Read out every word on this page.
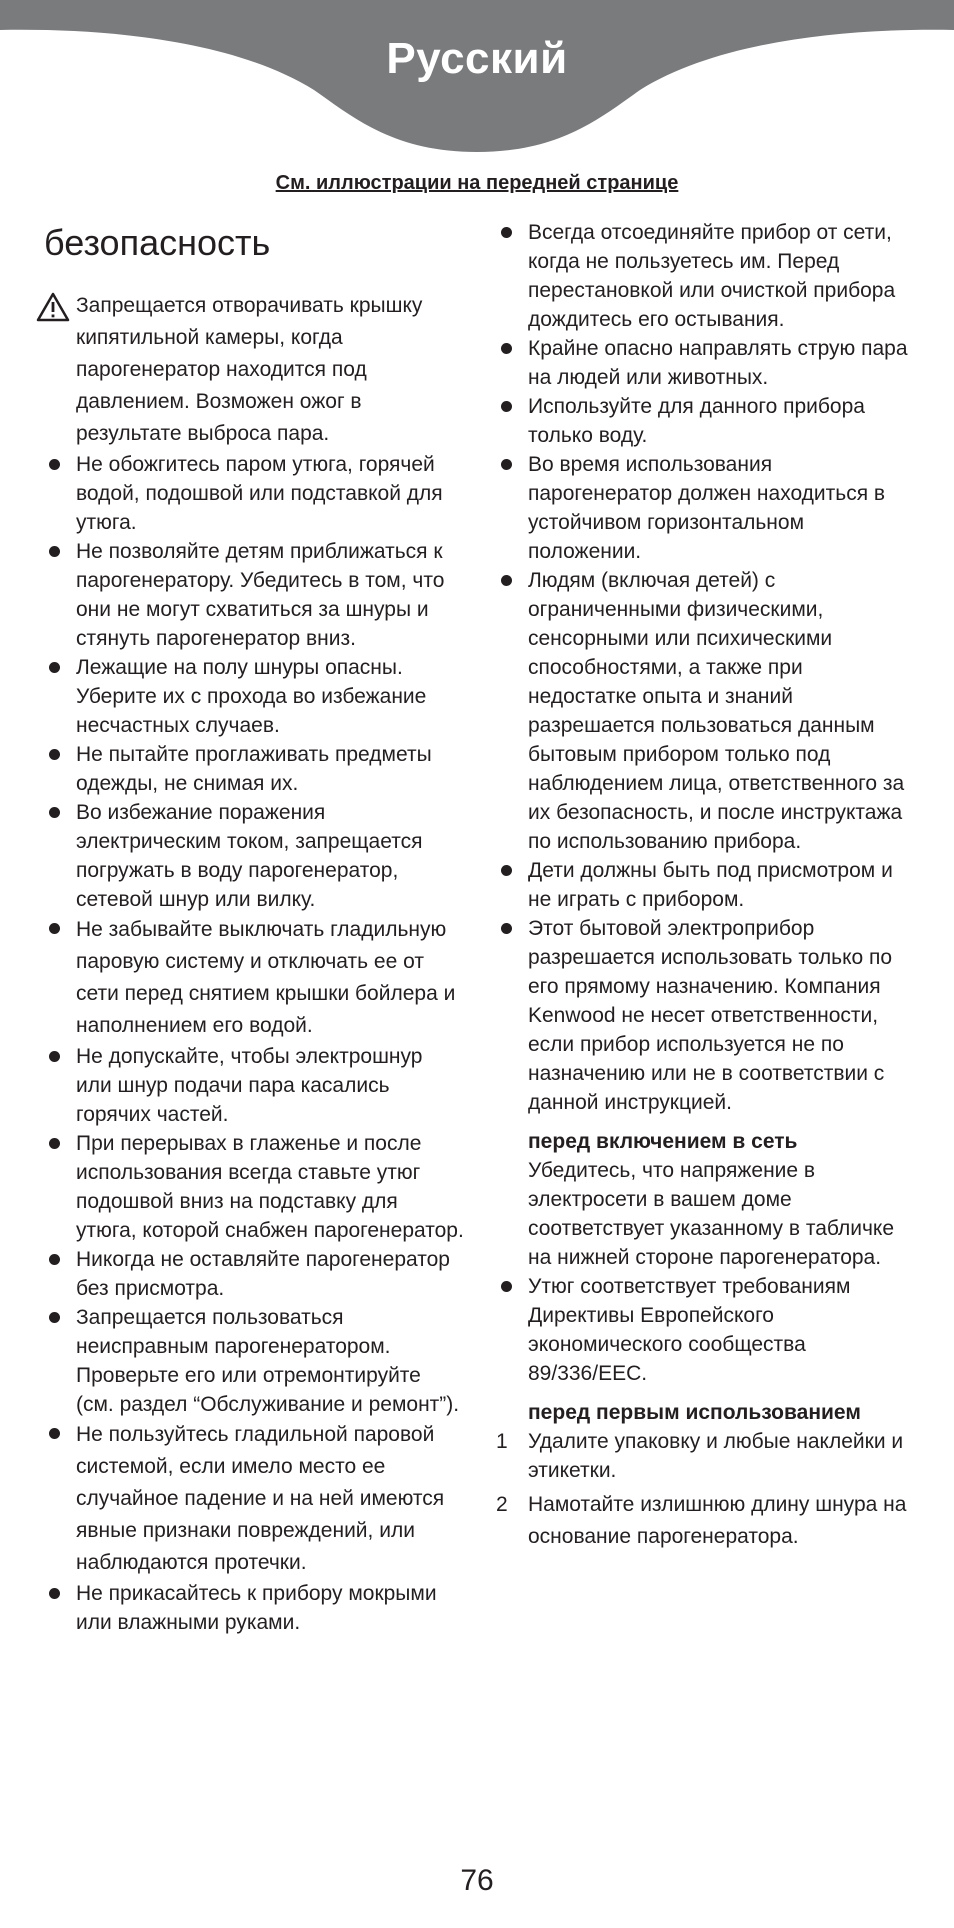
Русский
См. иллюстрации на передней странице
безопасность
Запрещается отворачивать крышку кипятильной камеры, когда парогенератор находится под давлением. Возможен ожог в результате выброса пара.
Не обожгитесь паром утюга, горячей водой, подошвой или подставкой для утюга.
Не позволяйте детям приближаться к парогенератору. Убедитесь в том, что они не могут схватиться за шнуры и стянуть парогенератор вниз.
Лежащие на полу шнуры опасны. Уберите их с прохода во избежание несчастных случаев.
Не пытайте проглаживать предметы одежды, не снимая их.
Во избежание поражения электрическим током, запрещается погружать в воду парогенератор, сетевой шнур или вилку.
Не забывайте выключать гладильную паровую систему и отключать ее от сети перед снятием крышки бойлера и наполнением его водой.
Не допускайте, чтобы электрошнур или шнур подачи пара касались горячих частей.
При перерывах в глаженье и после использования всегда ставьте утюг подошвой вниз на подставку для утюга, которой снабжен парогенератор.
Никогда не оставляйте парогенератор без присмотра.
Запрещается пользоваться неисправным парогенератором. Проверьте его или отремонтируйте (см. раздел “Обслуживание и ремонт”).
Не пользуйтесь гладильной паровой системой, если имело место ее случайное падение и на ней имеются явные признаки повреждений, или наблюдаются протечки.
Не прикасайтесь к прибору мокрыми или влажными руками.
Всегда отсоединяйте прибор от сети, когда не пользуетесь им. Перед перестановкой или очисткой прибора дождитесь его остывания.
Крайне опасно направлять струю пара на людей или животных.
Используйте для данного прибора только воду.
Во время использования парогенератор должен находиться в устойчивом горизонтальном положении.
Людям (включая детей) с ограниченными физическими, сенсорными или психическими способностями, а также при недостатке опыта и знаний разрешается пользоваться данным бытовым прибором только под наблюдением лица, ответственного за их безопасность, и после инструктажа по использованию прибора.
Дети должны быть под присмотром и не играть с прибором.
Этот бытовой электроприбор разрешается использовать только по его прямому назначению. Компания Kenwood не несет ответственности, если прибор используется не по назначению или не в соответствии с данной инструкцией.
перед включением в сеть
Убедитесь, что напряжение в электросети в вашем доме соответствует указанному в табличке на нижней стороне парогенератора.
Утюг соответствует требованиям Директивы Европейского экономического сообщества 89/336/EEC.
перед первым использованием
1 Удалите упаковку и любые наклейки и этикетки.
2 Намотайте излишнюю длину шнура на основание парогенератора.
76
